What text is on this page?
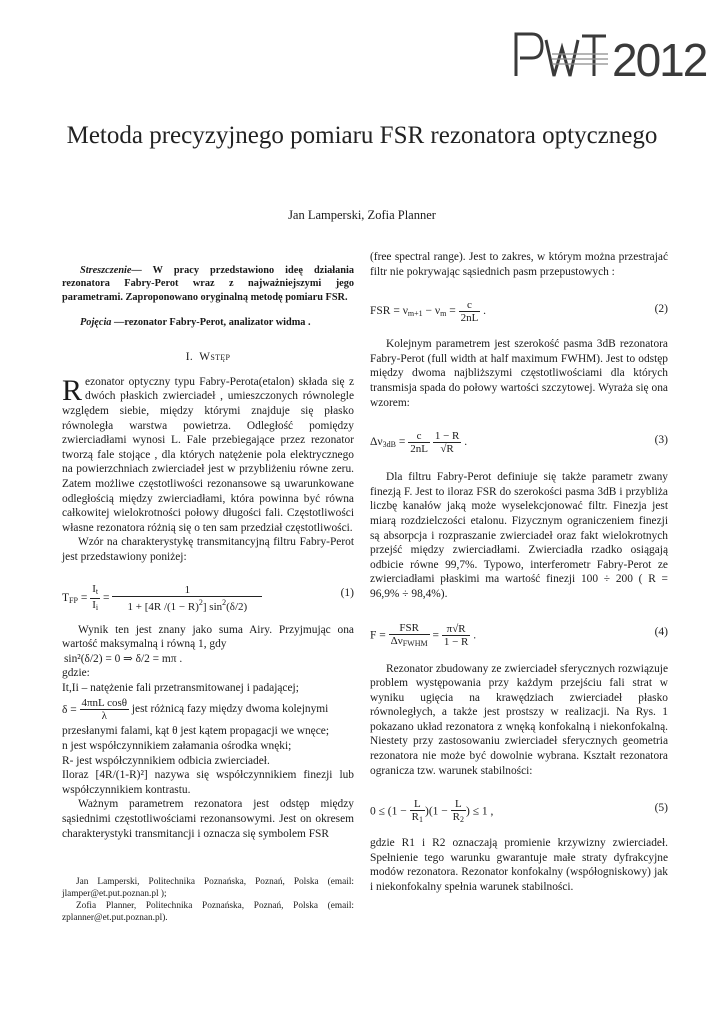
2012
Metoda precyzyjnego pomiaru FSR rezonatora optycznego
Jan Lamperski, Zofia Planner

Streszczenie— W pracy przedstawiono ideę działania rezonatora Fabry-Perot wraz z najważniejszymi jego parametrami. Zaproponowano oryginalną metodę pomiaru FSR.

Pojęcia —rezonator Fabry-Perot, analizator widma .

I. Wstęp

Rezonator optyczny typu Fabry-Perota(etalon) składa się z dwóch płaskich zwierciadeł , umieszczonych równolegle względem siebie, między którymi znajduje się płasko równoległa warstwa powietrza. Odległość pomiędzy zwierciadłami wynosi L. Fale przebiegające przez rezonator tworzą fale stojące , dla których natężenie pola elektrycznego na powierzchniach zwierciadeł jest w przybliżeniu równe zeru. Zatem możliwe częstotliwości rezonansowe są uwarunkowane odległością między zwierciadłami, która powinna być równa całkowitej wielokrotności połowy długości fali. Częstotliwości własne rezonatora różnią się o ten sam przedział częstotliwości.

Wzór na charakterystykę transmitancyjną filtru Fabry-Perot jest przedstawiony poniżej:

$T_{FP} = \frac{I_t}{I_i} = \frac{1}{1 + [4R /(1 - R)^2] \sin^2(\delta/2)}$	(1)

Wynik ten jest znany jako suma Airy. Przyjmując ona wartość maksymalną i równą 1, gdy

sin²(δ/2) = 0 ⇒ δ/2 = mπ .

gdzie:

It,Ii – natężenie fali przetransmitowanej i padającej;

$\delta = \frac{\text{4πnL cosθ}}{\lambda}$ jest różnicą fazy między dwoma kolejnymi

przesłanymi falami, kąt θ jest kątem propagacji we wnęce;

n jest współczynnikiem załamania ośrodka wnęki;

R- jest współczynnikiem odbicia zwierciadeł.

Iloraz [4R/(1-R)²] nazywa się współczynnikiem finezji lub współczynnikiem kontrastu.

Ważnym parametrem rezonatora jest odstęp między sąsiednimi częstotliwościami rezonansowymi. Jest on okresem charakterystyki transmitancji i oznacza się symbolem FSR

Jan Lamperski, Politechnika Poznańska, Poznań, Polska (email: jlamper@et.put.poznan.pl );

Zofia Planner, Politechnika Poznańska, Poznań, Polska (email: zplanner@et.put.poznan.pl).

(free spectral range). Jest to zakres, w którym można przestrajać filtr nie pokrywając sąsiednich pasm przepustowych :

FSR = $\nu_{m+1} - \nu_m = \frac{c}{2nL}$ .	(2)

Kolejnym parametrem jest szerokość pasma 3dB rezonatora Fabry-Perot (full width at half maximum FWHM). Jest to odstęp między dwoma najbliższymi częstotliwościami dla których transmisja spada do połowy wartości szczytowej. Wyraża się ona wzorem:

$\Delta\nu_{3dB} = \frac{c}{2nL}$
$\frac{1 - R}{√R}$ .	(3)

Dla filtru Fabry-Perot definiuje się także parametr zwany finezją F. Jest to iloraz FSR do szerokości pasma 3dB i przybliża liczbę kanałów jaką może wyselekcjonować filtr. Finezja jest miarą rozdzielczości etalonu. Fizycznym ograniczeniem finezji są absorpcja i rozpraszanie zwierciadeł oraz fakt wielokrotnych przejść między zwierciadłami. Zwierciadła rzadko osiągają odbicie równe 99,7%. Typowo, interferometr Fabry-Perot ze zwierciadłami płaskimi ma wartość finezji 100 ÷ 200 ( R = 96,9% ÷ 98,4%).

$F = \frac{\text{FSR}}{\Delta\nu_{FWHM}} = \frac{\pi√R}{1 - R}$ .	(4)

Rezonator zbudowany ze zwierciadeł sferycznych rozwiązuje problem występowania przy każdym przejściu fali strat w wyniku ugięcia na krawędziach zwierciadeł płasko równoległych, a także jest prostszy w realizacji. Na Rys. 1 pokazano układ rezonatora z wnęką konfokalną i niekonfokalną. Niestety przy zastosowaniu zwierciadeł sferycznych geometria rezonatora nie może być dowolnie wybrana. Kształt rezonatora ogranicza tzw. warunek stabilności:

$0 \le (1 - \frac{L}{R_1} )(1 - \frac{L}{R_2}$ ) ≤ 1 ,	(5)

gdzie R1 i R2 oznaczają promienie krzywizny zwierciadeł. Spełnienie tego warunku gwarantuje małe straty dyfrakcyjne modów rezonatora. Rezonator konfokalny (współogniskowy) jak i niekonfokalny spełnia warunek stabilności.
